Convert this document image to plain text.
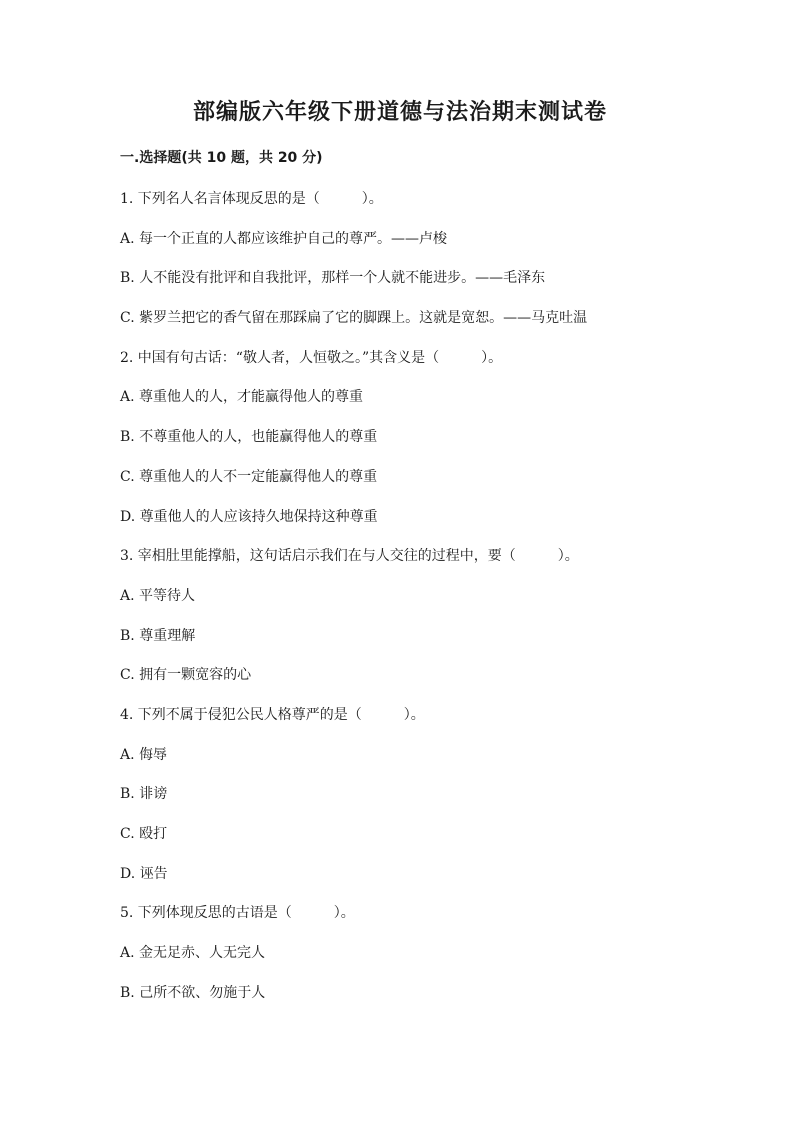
部编版六年级下册道德与法治期末测试卷
一.选择题(共 10 题，共 20 分)
1. 下列名人名言体现反思的是（　　　）。
A. 每一个正直的人都应该维护自己的尊严。——卢梭
B. 人不能没有批评和自我批评，那样一个人就不能进步。——毛泽东
C. 紫罗兰把它的香气留在那踩扁了它的脚踝上。这就是宽恕。——马克吐温
2. 中国有句古话：“敬人者，人恒敬之。”其含义是（　　　）。
A. 尊重他人的人，才能赢得他人的尊重
B. 不尊重他人的人，也能赢得他人的尊重
C. 尊重他人的人不一定能赢得他人的尊重
D. 尊重他人的人应该持久地保持这种尊重
3. 宰相肚里能撑船，这句话启示我们在与人交往的过程中，要（　　　）。
A. 平等待人
B. 尊重理解
C. 拥有一颗宽容的心
4. 下列不属于侵犯公民人格尊严的是（　　　）。
A. 侮辱
B. 诽谤
C. 殴打
D. 诬告
5. 下列体现反思的古语是（　　　）。
A. 金无足赤、人无完人
B. 己所不欲、勿施于人
